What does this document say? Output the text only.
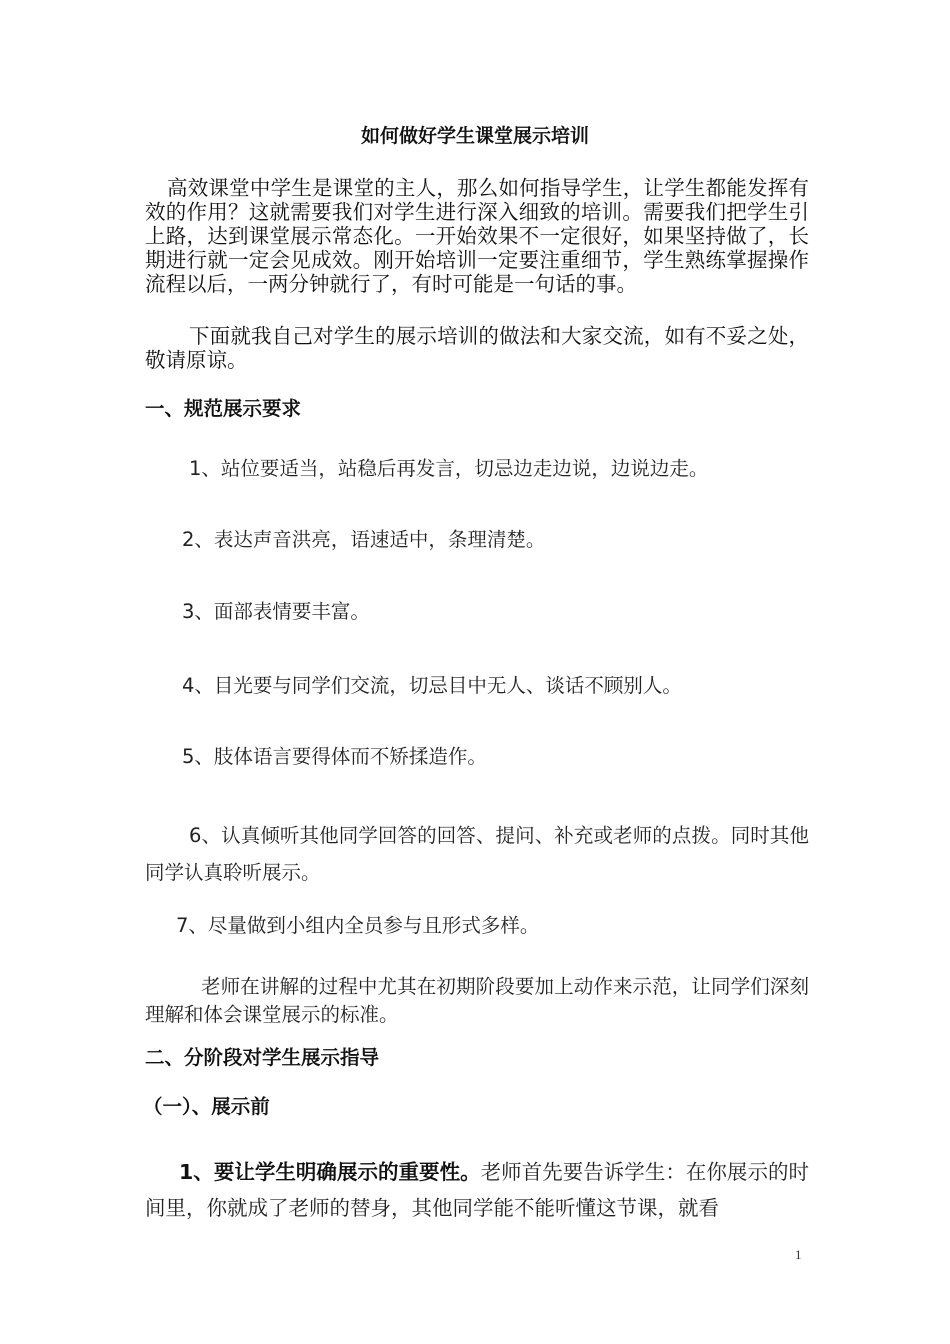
如何做好学生课堂展示培训
高效课堂中学生是课堂的主人，那么如何指导学生，让学生都能发挥有效的作用？这就需要我们对学生进行深入细致的培训。需要我们把学生引上路，达到课堂展示常态化。一开始效果不一定很好，如果坚持做了，长期进行就一定会见成效。刚开始培训一定要注重细节，学生熟练掌握操作流程以后，一两分钟就行了，有时可能是一句话的事。
下面就我自己对学生的展示培训的做法和大家交流，如有不妥之处，敬请原谅。
一、规范展示要求
1、站位要适当，站稳后再发言，切忌边走边说，边说边走。
2、表达声音洪亮，语速适中，条理清楚。
3、面部表情要丰富。
4、目光要与同学们交流，切忌目中无人、谈话不顾别人。
5、肢体语言要得体而不矫揉造作。
6、认真倾听其他同学回答的回答、提问、补充或老师的点拨。同时其他同学认真聆听展示。
7、尽量做到小组内全员参与且形式多样。
老师在讲解的过程中尤其在初期阶段要加上动作来示范，让同学们深刻理解和体会课堂展示的标准。
二、分阶段对学生展示指导
（一）、展示前
1、要让学生明确展示的重要性。老师首先要告诉学生：在你展示的时间里，你就成了老师的替身，其他同学能不能听懂这节课，就看
1
